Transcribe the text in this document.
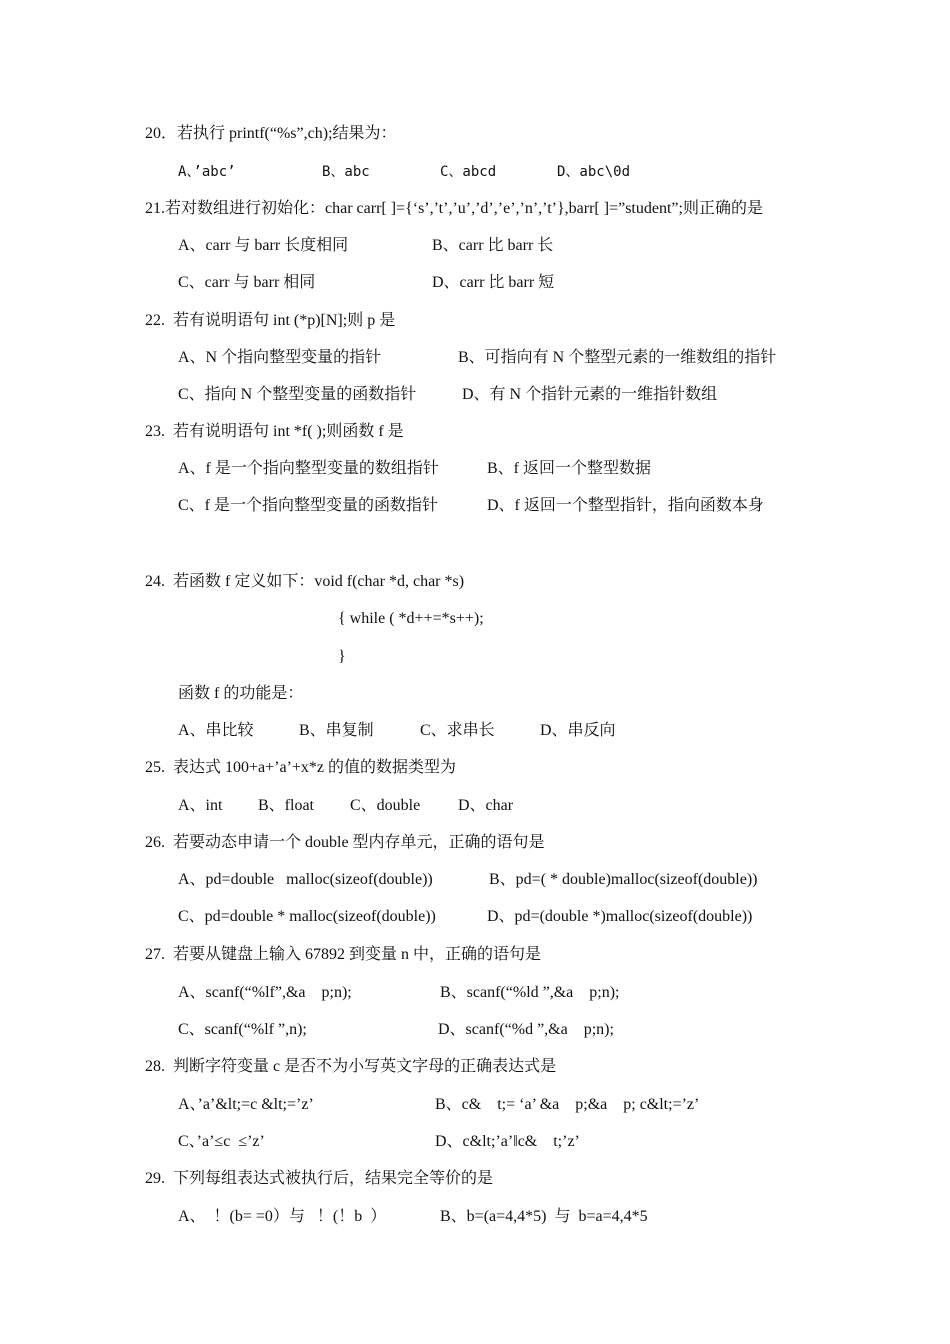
20．若执行 printf(“%s”,ch);结果为：
A、’abc’	B、abc	C、abcd	D、abc\0d
21.若对数组进行初始化：char carr[ ]={‘s’,’t’,’u’,’d’,’e’,’n’,’t’},barr[ ]=”student”;则正确的是
A、carr 与 barr 长度相同	B、carr 比 barr 长
C、carr 与 barr 相同	D、carr 比 barr 短
22.  若有说明语句 int (*p)[N];则 p 是
A、N 个指向整型变量的指针	B、可指向有 N 个整型元素的一维数组的指针
C、指向 N 个整型变量的函数指针	D、有 N 个指针元素的一维指针数组
23.  若有说明语句 int *f( );则函数 f 是
A、f 是一个指向整型变量的数组指针	B、f 返回一个整型数据
C、f 是一个指向整型变量的函数指针	D、f 返回一个整型指针，指向函数本身
24.  若函数 f 定义如下：void f(char *d, char *s)
{ while ( *d++=*s++);
}
函数 f 的功能是：
A、串比较	B、串复制	C、求串长	D、串反向
25.  表达式 100+a+’a’+x*z 的值的数据类型为
A、int B、float C、double D、char
26.  若要动态申请一个 double 型内存单元，正确的语句是
A、pd=double   malloc(sizeof(double))	B、pd=( * double)malloc(sizeof(double))
C、pd=double * malloc(sizeof(double))	D、pd=(double *)malloc(sizeof(double))
27.  若要从键盘上输入 67892 到变量 n 中，正确的语句是
A、scanf(“%lf”,&a    p;n);	B、scanf(“%ld ”,&a    p;n);
C、scanf(“%lf ”,n);	D、scanf(“%d ”,&a    p;n);
28.  判断字符变量 c 是否不为小写英文字母的正确表达式是
A、’a’&lt;=c &lt;=’z’	B、c&    t;= ‘a’ &a    p;&a    p; c&lt;=’z’
C、’a’≤c  ≤’z’	D、c&lt;’a’‖c&    t;’z’
29.  下列每组表达式被执行后，结果完全等价的是
A、  ！(b= =0）与   ！(！b  ）	B、b=(a=4,4*5)  与  b=a=4,4*5
